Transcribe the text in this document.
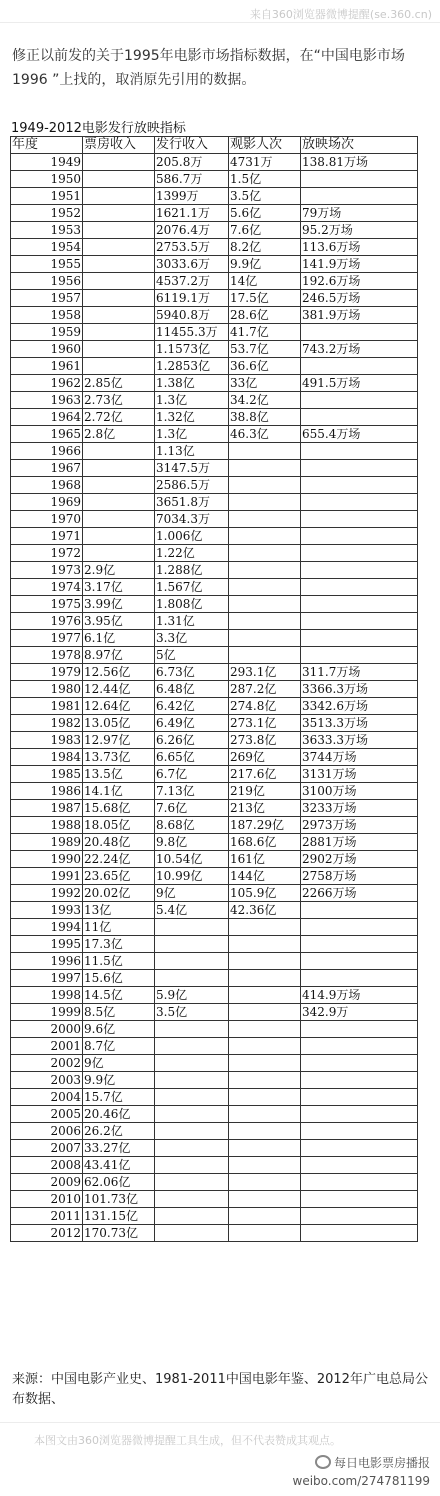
来自360浏览器微博提醒(se.360.cn)

修正以前发的关于1995年电影市场指标数据，在“中国电影市场1996 ”上找的，取消原先引用的数据。

1949-2012电影发行放映指标
年度	票房收入	发行收入	观影人次	放映场次
1949		205.8万	4731万	138.81万场
1950		586.7万	1.5亿	
1951		1399万	3.5亿	
1952		1621.1万	5.6亿	79万场
1953		2076.4万	7.6亿	95.2万场
1954		2753.5万	8.2亿	113.6万场
1955		3033.6万	9.9亿	141.9万场
1956		4537.2万	14亿	192.6万场
1957		6119.1万	17.5亿	246.5万场
1958		5940.8万	28.6亿	381.9万场
1959		11455.3万	41.7亿	
1960		1.1573亿	53.7亿	743.2万场
1961		1.2853亿	36.6亿	
1962	2.85亿	1.38亿	33亿	491.5万场
1963	2.73亿	1.3亿	34.2亿	
1964	2.72亿	1.32亿	38.8亿	
1965	2.8亿	1.3亿	46.3亿	655.4万场
1966		1.13亿		
1967		3147.5万		
1968		2586.5万		
1969		3651.8万		
1970		7034.3万		
1971		1.006亿		
1972		1.22亿		
1973	2.9亿	1.288亿		
1974	3.17亿	1.567亿		
1975	3.99亿	1.808亿		
1976	3.95亿	1.31亿		
1977	6.1亿	3.3亿		
1978	8.97亿	5亿		
1979	12.56亿	6.73亿	293.1亿	311.7万场
1980	12.44亿	6.48亿	287.2亿	3366.3万场
1981	12.64亿	6.42亿	274.8亿	3342.6万场
1982	13.05亿	6.49亿	273.1亿	3513.3万场
1983	12.97亿	6.26亿	273.8亿	3633.3万场
1984	13.73亿	6.65亿	269亿	3744万场
1985	13.5亿	6.7亿	217.6亿	3131万场
1986	14.1亿	7.13亿	219亿	3100万场
1987	15.68亿	7.6亿	213亿	3233万场
1988	18.05亿	8.68亿	187.29亿	2973万场
1989	20.48亿	9.8亿	168.6亿	2881万场
1990	22.24亿	10.54亿	161亿	2902万场
1991	23.65亿	10.99亿	144亿	2758万场
1992	20.02亿	9亿	105.9亿	2266万场
1993	13亿	5.4亿	42.36亿	
1994	11亿			
1995	17.3亿			
1996	11.5亿			
1997	15.6亿			
1998	14.5亿	5.9亿		414.9万场
1999	8.5亿	3.5亿		342.9万
2000	9.6亿			
2001	8.7亿			
2002	9亿			
2003	9.9亿			
2004	15.7亿			
2005	20.46亿			
2006	26.2亿			
2007	33.27亿			
2008	43.41亿			
2009	62.06亿			
2010	101.73亿			
2011	131.15亿			
2012	170.73亿			

来源：中国电影产业史、1981-2011中国电影年鉴、2012年广电总局公布数据、

本图文由360浏览器微博提醒工具生成，但不代表赞成其观点。
每日电影票房播报
weibo.com/274781199
